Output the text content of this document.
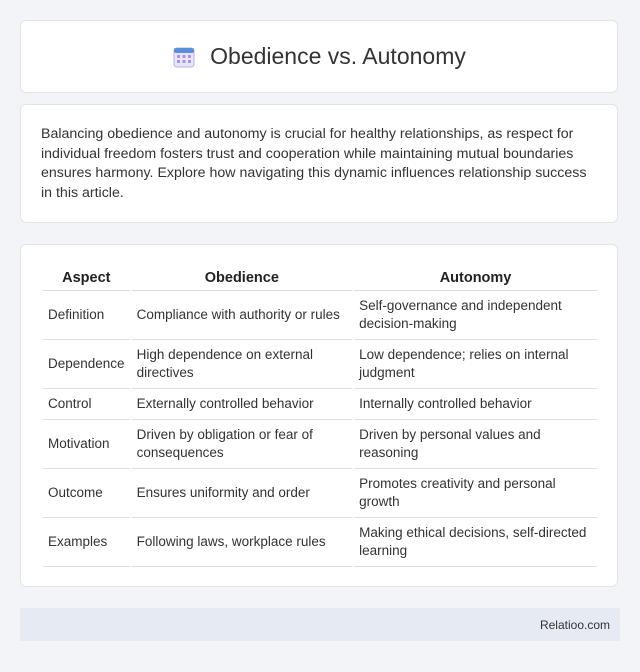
Obedience vs. Autonomy

Balancing obedience and autonomy is crucial for healthy relationships, as respect for individual freedom fosters trust and cooperation while maintaining mutual boundaries ensures harmony. Explore how navigating this dynamic influences relationship success in this article.

Aspect	Obedience	Autonomy
Definition	Compliance with authority or rules	Self-governance and independent decision-making
Dependence	High dependence on external directives	Low dependence; relies on internal judgment
Control	Externally controlled behavior	Internally controlled behavior
Motivation	Driven by obligation or fear of consequences	Driven by personal values and reasoning
Outcome	Ensures uniformity and order	Promotes creativity and personal growth
Examples	Following laws, workplace rules	Making ethical decisions, self-directed learning
Relatioo.com
